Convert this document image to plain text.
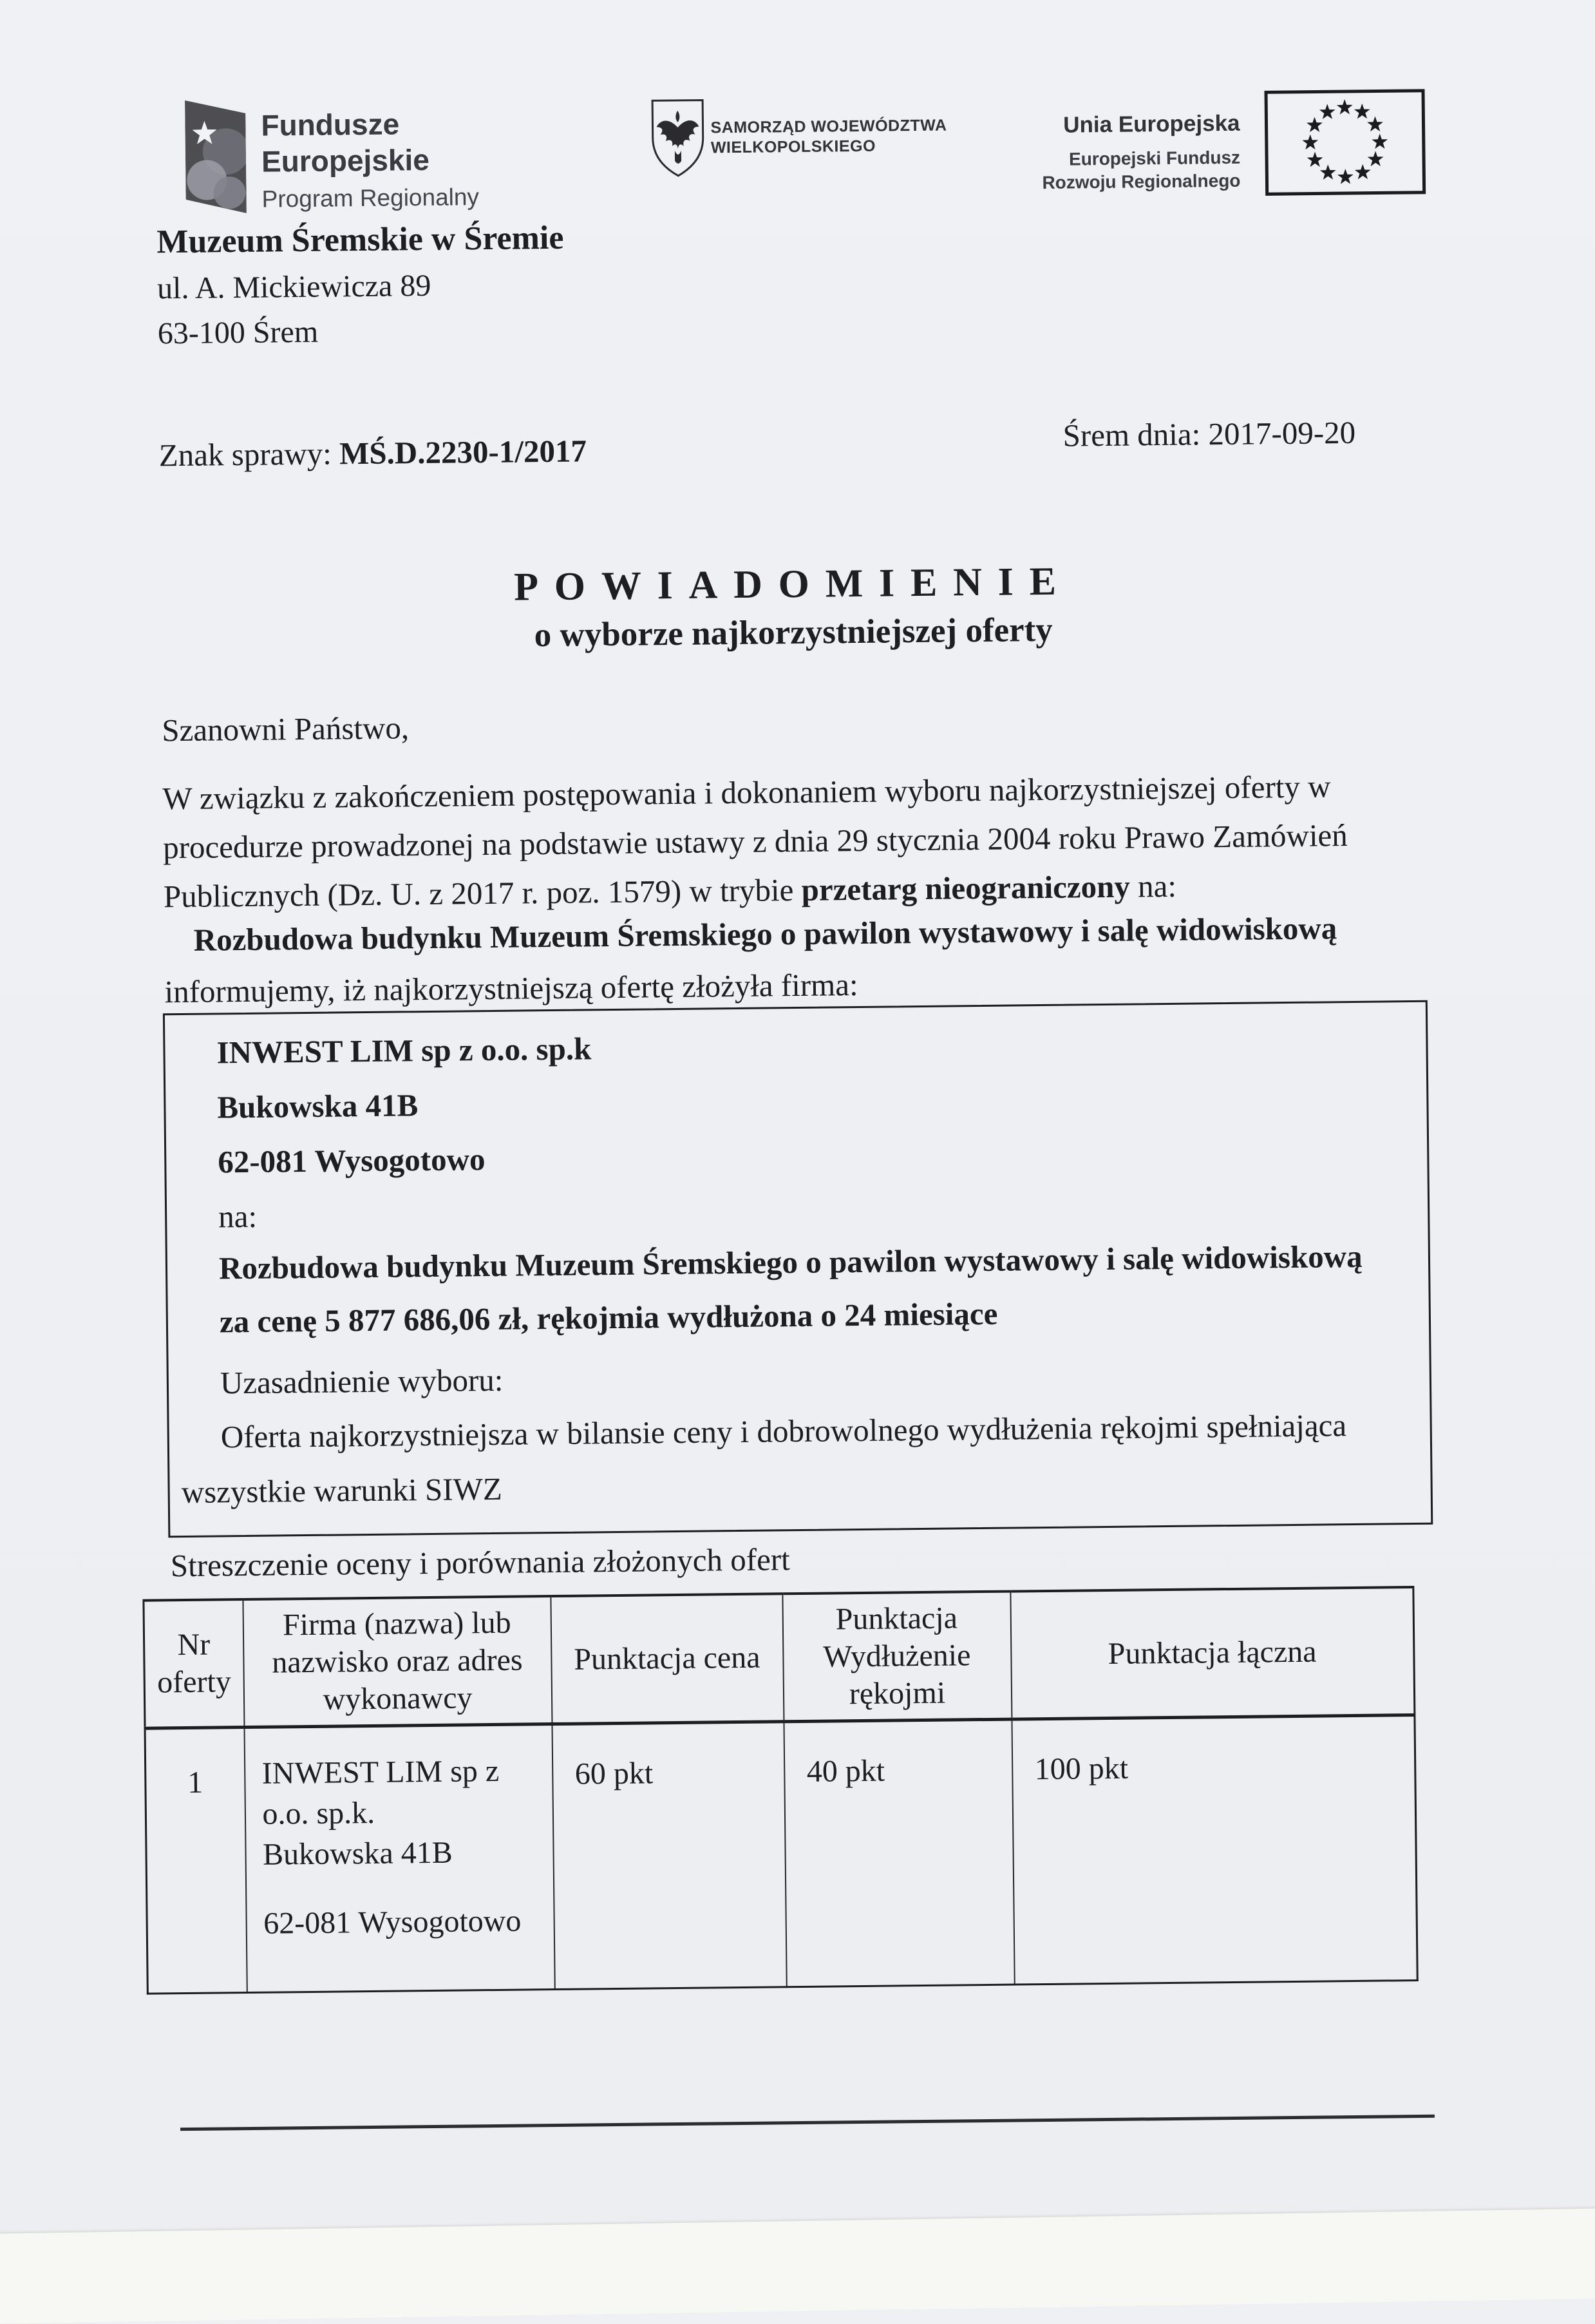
Fundusze
Europejskie
Program Regionalny
SAMORZĄD WOJEWÓDZTWA
WIELKOPOLSKIEGO
Unia Europejska
Europejski Fundusz
Rozwoju Regionalnego
Muzeum Śremskie w Śremie
ul. A. Mickiewicza 89
63-100 Śrem
Znak sprawy: MŚ.D.2230-1/2017	Śrem dnia: 2017-09-20
POWIADOMIENIE
o wyborze najkorzystniejszej oferty
Szanowni Państwo,
W związku z zakończeniem postępowania i dokonaniem wyboru najkorzystniejszej oferty w
procedurze prowadzonej na podstawie ustawy z dnia 29 stycznia 2004 roku Prawo Zamówień
Publicznych (Dz. U. z 2017 r. poz. 1579) w trybie przetarg nieograniczony na:
Rozbudowa budynku Muzeum Śremskiego o pawilon wystawowy i salę widowiskową
informujemy, iż najkorzystniejszą ofertę złożyła firma:
INWEST LIM sp z o.o. sp.k
Bukowska 41B
62-081 Wysogotowo
na:
Rozbudowa budynku Muzeum Śremskiego o pawilon wystawowy i salę widowiskową
za cenę 5 877 686,06 zł, rękojmia wydłużona o 24 miesiące
Uzasadnienie wyboru:
Oferta najkorzystniejsza w bilansie ceny i dobrowolnego wydłużenia rękojmi spełniająca
wszystkie warunki SIWZ
Streszczenie oceny i porównania złożonych ofert
Nr oferty	Firma (nazwa) lub nazwisko oraz adres wykonawcy	Punktacja cena	Punktacja Wydłużenie rękojmi	Punktacja łączna
1	INWEST LIM sp z
o.o. sp.k.
Bukowska 41B
62-081 Wysogotowo	60 pkt	40 pkt	100 pkt
